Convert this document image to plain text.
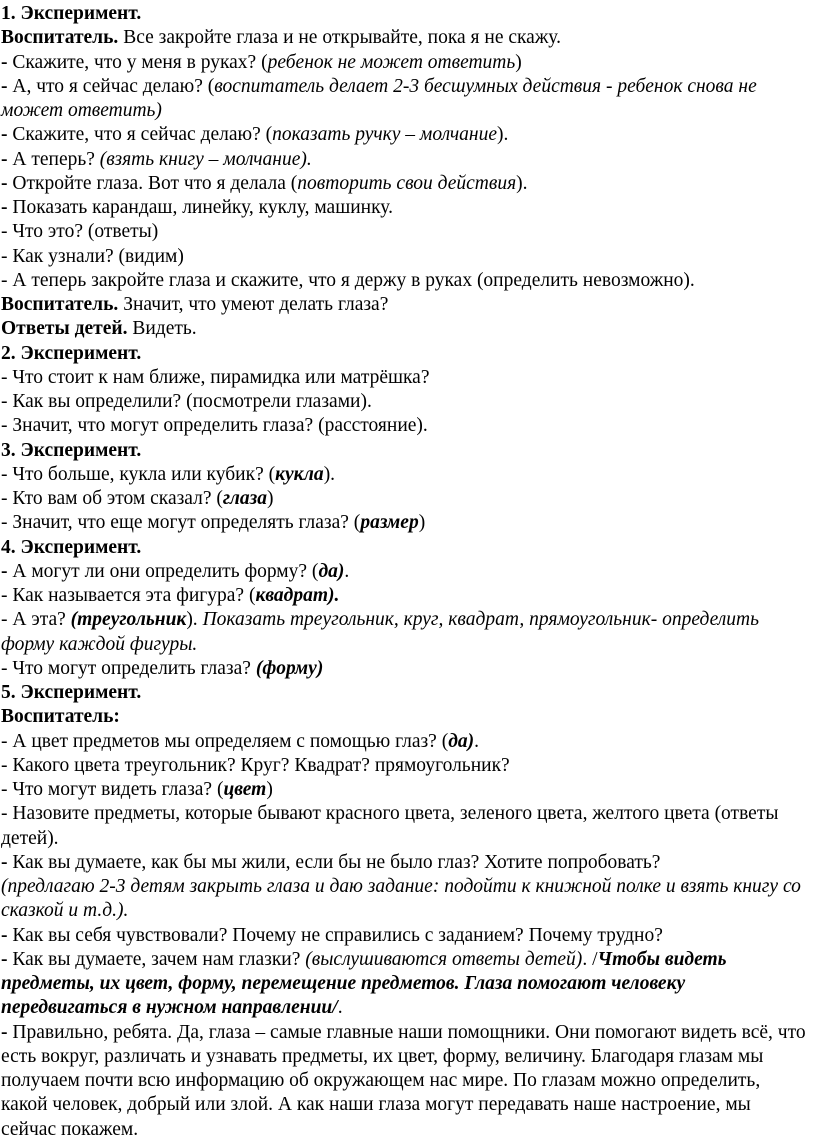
1. Эксперимент.

Воспитатель. Все закройте глаза и не открывайте, пока я не скажу.

- Скажите, что у меня в руках? (ребенок не может ответить)

- А, что я сейчас делаю? (воспитатель делает 2-3 бесшумных действия - ребенок снова не может ответить)

- Скажите, что я сейчас делаю? (показать ручку – молчание).

- А теперь? (взять книгу – молчание).

- Откройте глаза. Вот что я делала (повторить свои действия).

- Показать карандаш, линейку, куклу, машинку.

- Что это? (ответы)

- Как узнали? (видим)

- А теперь закройте глаза и скажите, что я держу в руках (определить невозможно).

Воспитатель. Значит, что умеют делать глаза?

Ответы детей. Видеть.

2. Эксперимент.

- Что стоит к нам ближе, пирамидка или матрёшка?

- Как вы определили? (посмотрели глазами).

- Значит, что могут определить глаза? (расстояние).

3. Эксперимент.

- Что больше, кукла или кубик? (кукла).

- Кто вам об этом сказал? (глаза)

- Значит, что еще могут определять глаза? (размер)

4. Эксперимент.

- А могут ли они определить форму? (да).

- Как называется эта фигура? (квадрат).

- А эта? (треугольник). Показать треугольник, круг, квадрат, прямоугольник- определить форму каждой фигуры.

- Что могут определить глаза? (форму)

5. Эксперимент.

Воспитатель:

- А цвет предметов мы определяем с помощью глаз? (да).

- Какого цвета треугольник? Круг? Квадрат? прямоугольник?

- Что могут видеть глаза? (цвет)

- Назовите предметы, которые бывают красного цвета, зеленого цвета, желтого цвета (ответы детей).

- Как вы думаете, как бы мы жили, если бы не было глаз? Хотите попробовать?

(предлагаю 2-3 детям закрыть глаза и даю задание: подойти к книжной полке и взять книгу со сказкой и т.д.).

- Как вы себя чувствовали? Почему не справились с заданием? Почему трудно?

- Как вы думаете, зачем нам глазки? (выслушиваются ответы детей). /Чтобы видеть предметы, их цвет, форму, перемещение предметов. Глаза помогают человеку передвигаться в нужном направлении/.

- Правильно, ребята. Да, глаза – самые главные наши помощники. Они помогают видеть всё, что есть вокруг, различать и узнавать предметы, их цвет, форму, величину. Благодаря глазам мы получаем почти всю информацию об окружающем нас мире. По глазам можно определить, какой человек, добрый или злой. А как наши глаза могут передавать наше настроение, мы сейчас покажем.
